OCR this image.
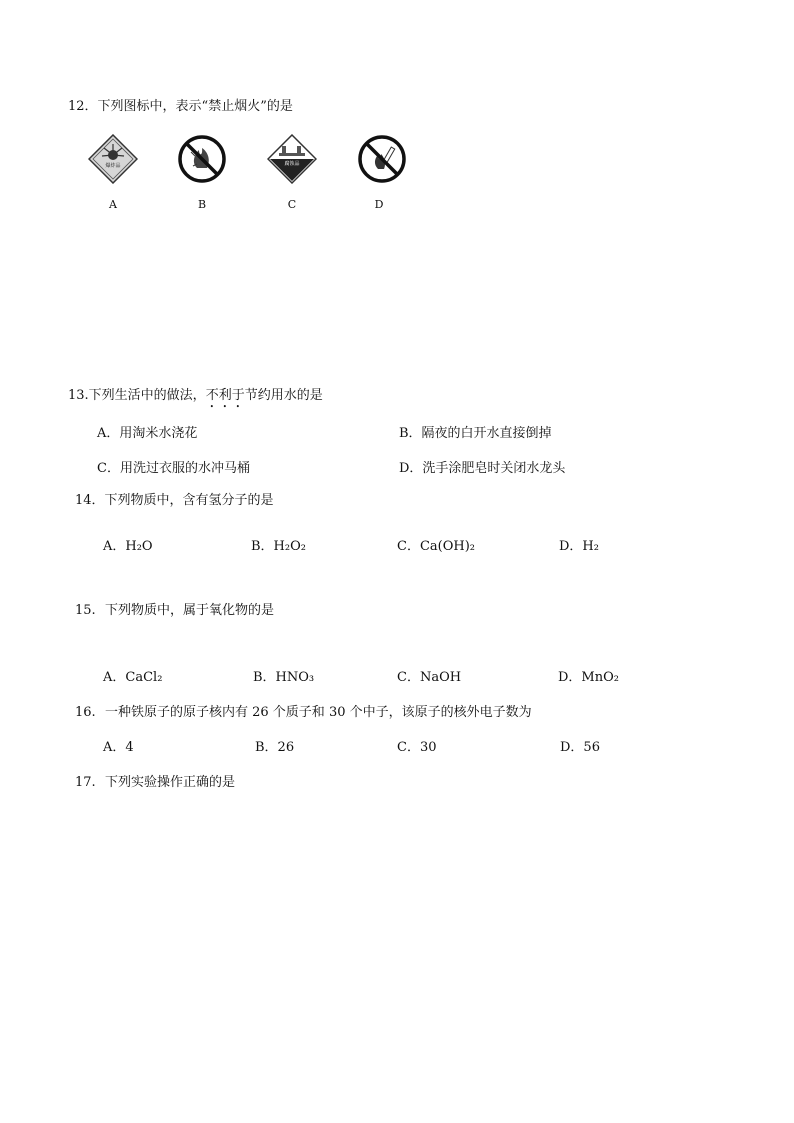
12．下列图标中，表示“禁止烟火”的是
爆炸品
A	B
腐蚀品
C	D
13.下列生活中的做法，不利于节约用水的是
A．用淘米水浇花	B．隔夜的白开水直接倒掉
C．用洗过衣服的水冲马桶	D．洗手涂肥皂时关闭水龙头
14．下列物质中，含有氢分子的是
A．H₂O	B．H₂O₂	C．Ca(OH)₂	D．H₂
15. 下列物质中，属于氧化物的是
A．CaCl₂	B．HNO₃	C．NaOH	D．MnO₂
16. 一种铁原子的原子核内有 26 个质子和 30 个中子，该原子的核外电子数为
A．4	B．26	C．30	D．56
17. 下列实验操作正确的是
